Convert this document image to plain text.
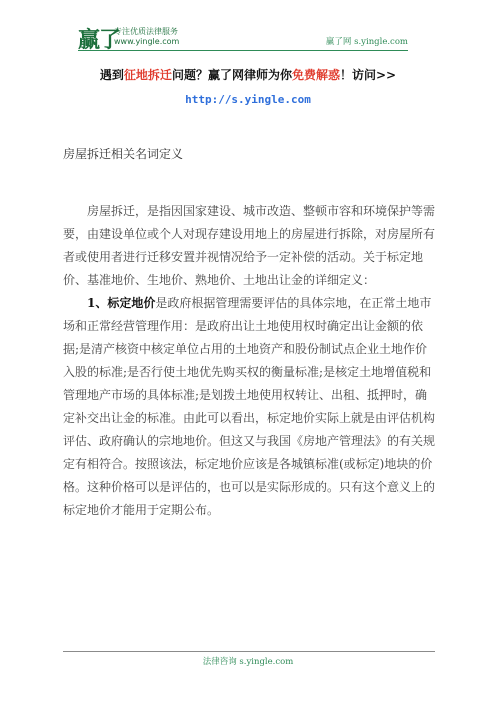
赢了
专注优质法律服务
www.yingle.com	赢了网 s.yingle.com
遇到征地拆迁问题？赢了网律师为你免费解惑！访问>>
http://s.yingle.com
房屋拆迁相关名词定义

房屋拆迁，是指因国家建设、城市改造、整顿市容和环境保护等需要，由建设单位或个人对现存建设用地上的房屋进行拆除，对房屋所有者或使用者进行迁移安置并视情况给予一定补偿的活动。关于标定地价、基准地价、生地价、熟地价、土地出让金的详细定义：

1、标定地价是政府根据管理需要评估的具体宗地，在正常土地市场和正常经营管理作用：是政府出让土地使用权时确定出让金额的依据;是清产核资中核定单位占用的土地资产和股份制试点企业土地作价入股的标准;是否行使土地优先购买权的衡量标准;是核定土地增值税和管理地产市场的具体标准;是划拨土地使用权转让、出租、抵押时，确定补交出让金的标准。由此可以看出，标定地价实际上就是由评估机构评估、政府确认的宗地地价。但这又与我国《房地产管理法》的有关规定有相符合。按照该法，标定地价应该是各城镇标准(或标定)地块的价格。这种价格可以是评估的，也可以是实际形成的。只有这个意义上的标定地价才能用于定期公布。

法律咨询 s.yingle.com
